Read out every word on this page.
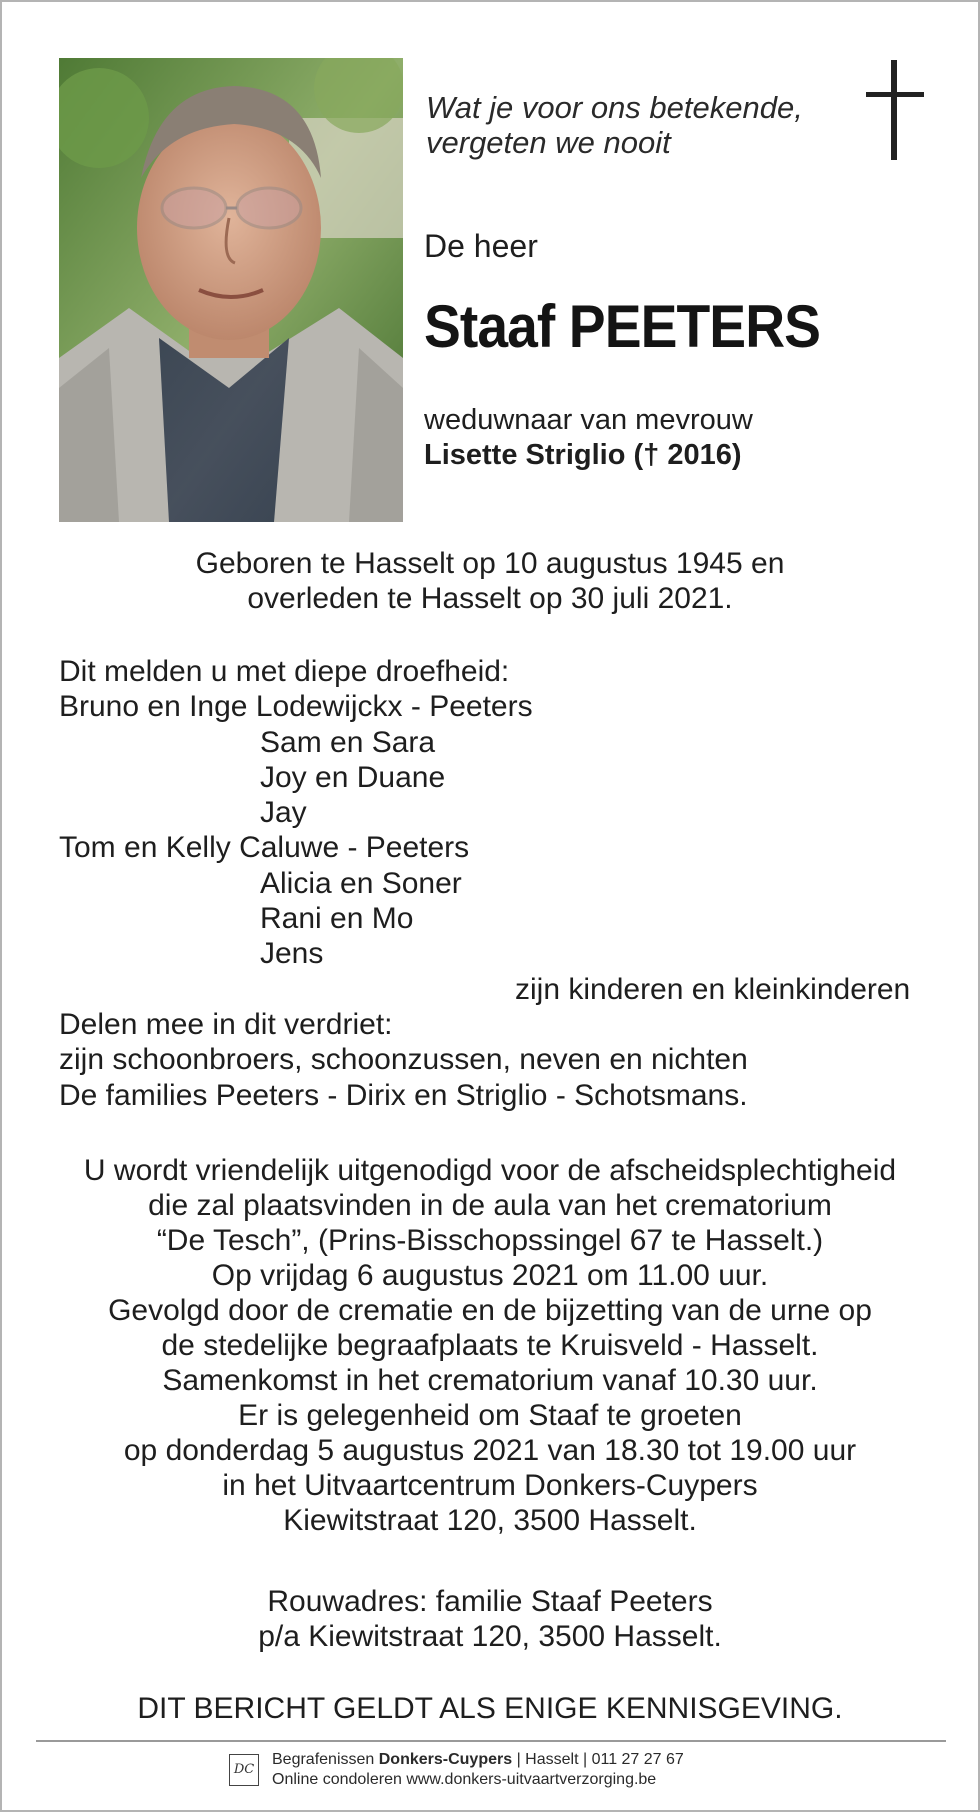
Wat je voor ons betekende,
vergeten we nooit
De heer
Staaf PEETERS
weduwnaar van mevrouw
Lisette Striglio († 2016)
Geboren te Hasselt op 10 augustus 1945 en
overleden te Hasselt op 30 juli 2021.
Dit melden u met diepe droefheid:
Bruno en Inge Lodewijckx - Peeters
Sam en Sara
Joy en Duane
Jay
Tom en Kelly Caluwe - Peeters
Alicia en Soner
Rani en Mo
Jens
zijn kinderen en kleinkinderen
Delen mee in dit verdriet:
zijn schoonbroers, schoonzussen, neven en nichten
De families Peeters - Dirix en Striglio - Schotsmans.
U wordt vriendelijk uitgenodigd voor de afscheidsplechtigheid
die zal plaatsvinden in de aula van het crematorium
“De Tesch”, (Prins-Bisschopssingel 67 te Hasselt.)
Op vrijdag 6 augustus 2021 om 11.00 uur.
Gevolgd door de crematie en de bijzetting van de urne op
de stedelijke begraafplaats te Kruisveld - Hasselt.
Samenkomst in het crematorium vanaf 10.30 uur.
Er is gelegenheid om Staaf te groeten
op donderdag 5 augustus 2021 van 18.30 tot 19.00 uur
in het Uitvaartcentrum Donkers-Cuypers
Kiewitstraat 120, 3500 Hasselt.
Rouwadres: familie Staaf Peeters
p/a Kiewitstraat 120, 3500 Hasselt.
DIT BERICHT GELDT ALS ENIGE KENNISGEVING.
DC
Begrafenissen Donkers-Cuypers | Hasselt | 011 27 27 67
Online condoleren www.donkers-uitvaartverzorging.be
